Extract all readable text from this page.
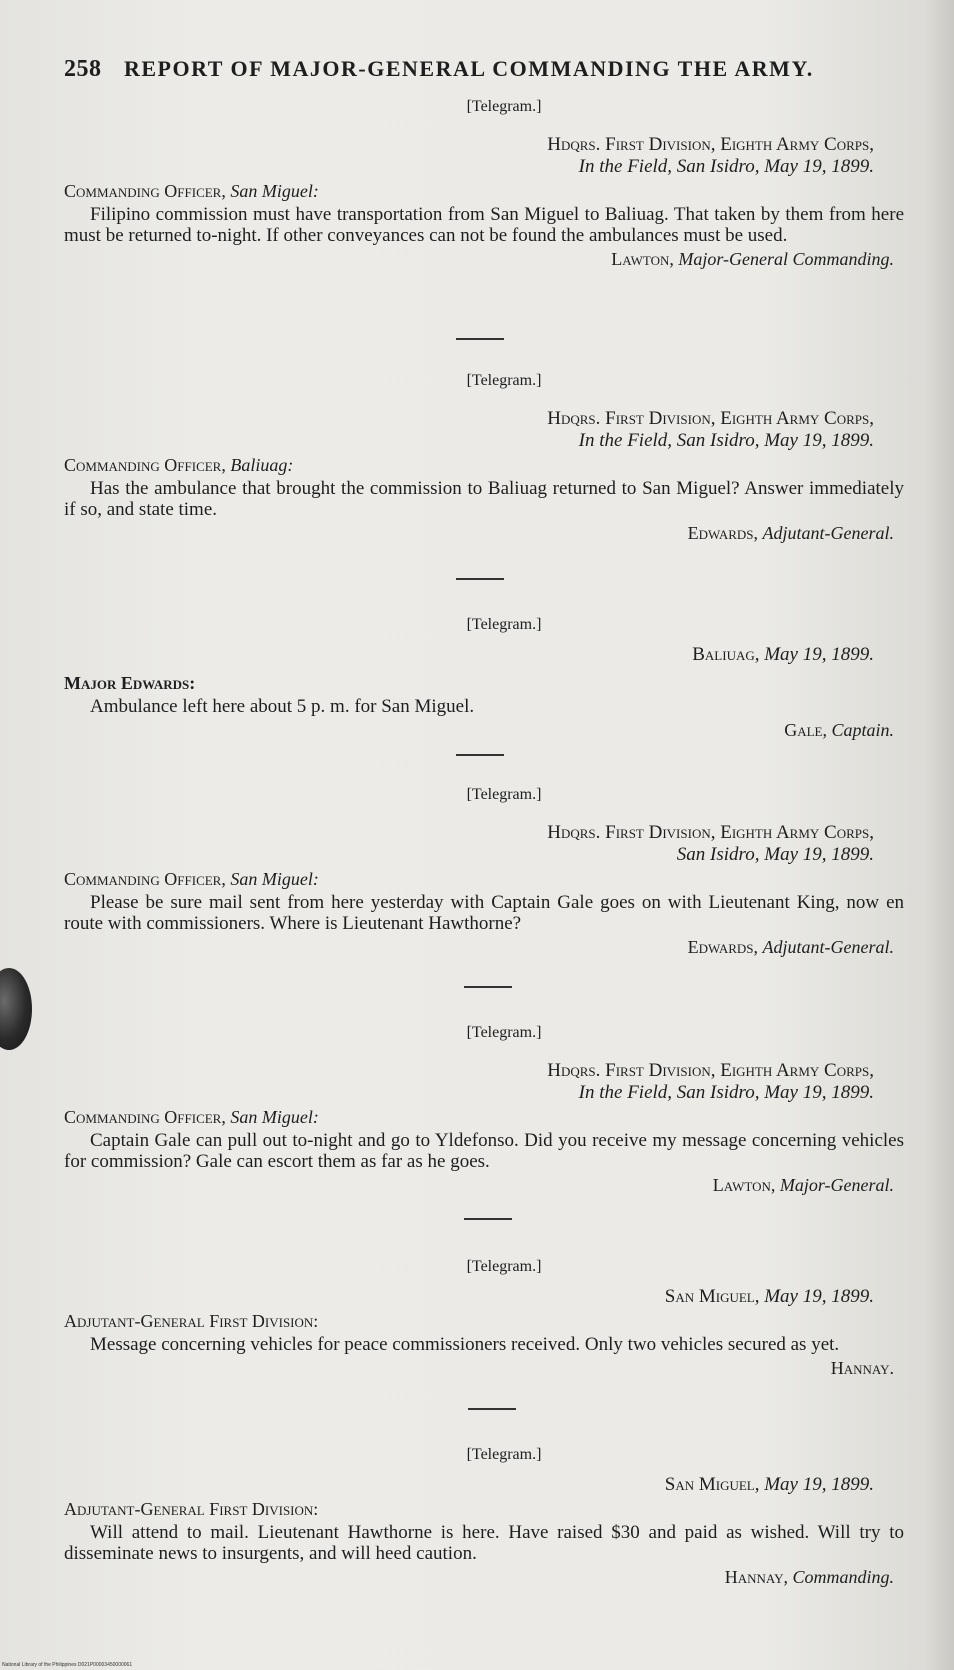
258 REPORT OF MAJOR-GENERAL COMMANDING THE ARMY.
[Telegram.]
Hdqrs. First Division, Eighth Army Corps,
In the Field, San Isidro, May 19, 1899.
Commanding Officer, San Miguel:
Filipino commission must have transportation from San Miguel to Baliuag. That taken by them from here must be returned to-night. If other conveyances can not be found the ambulances must be used.
Lawton, Major-General Commanding.
[Telegram.]
Hdqrs. First Division, Eighth Army Corps,
In the Field, San Isidro, May 19, 1899.
Commanding Officer, Baliuag:
Has the ambulance that brought the commission to Baliuag returned to San Miguel? Answer immediately if so, and state time.
Edwards, Adjutant-General.
[Telegram.]
Baliuag, May 19, 1899.
Major Edwards:
Ambulance left here about 5 p. m. for San Miguel.
Gale, Captain.
[Telegram.]
Hdqrs. First Division, Eighth Army Corps,
San Isidro, May 19, 1899.
Commanding Officer, San Miguel:
Please be sure mail sent from here yesterday with Captain Gale goes on with Lieutenant King, now en route with commissioners. Where is Lieutenant Hawthorne?
Edwards, Adjutant-General.
[Telegram.]
Hdqrs. First Division, Eighth Army Corps,
In the Field, San Isidro, May 19, 1899.
Commanding Officer, San Miguel:
Captain Gale can pull out to-night and go to Yldefonso. Did you receive my message concerning vehicles for commission? Gale can escort them as far as he goes.
Lawton, Major-General.
[Telegram.]
San Miguel, May 19, 1899.
Adjutant-General First Division:
Message concerning vehicles for peace commissioners received. Only two vehicles secured as yet.
Hannay.
[Telegram.]
San Miguel, May 19, 1899.
Adjutant-General First Division:
Will attend to mail. Lieutenant Hawthorne is here. Have raised $30 and paid as wished. Will try to disseminate news to insurgents, and will heed caution.
Hannay, Commanding.
National Library of the Philippines D021P00003450000061
